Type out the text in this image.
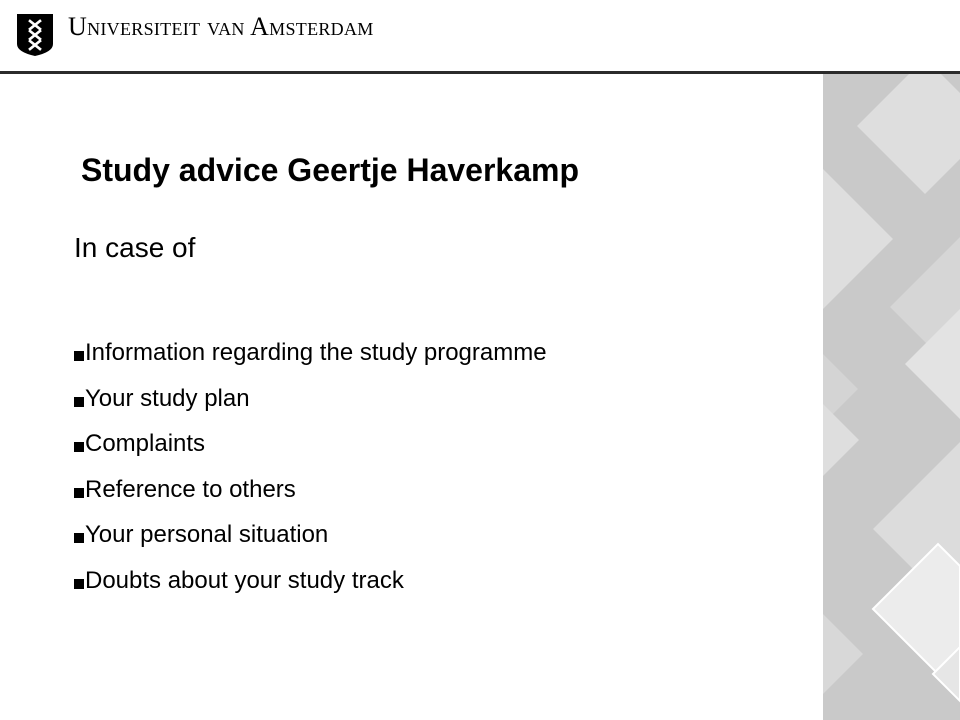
Universiteit van Amsterdam
Study advice Geertje Haverkamp
In case of
Information regarding the study programme
Your study plan
Complaints
Reference to others
Your personal situation
Doubts about your study track
